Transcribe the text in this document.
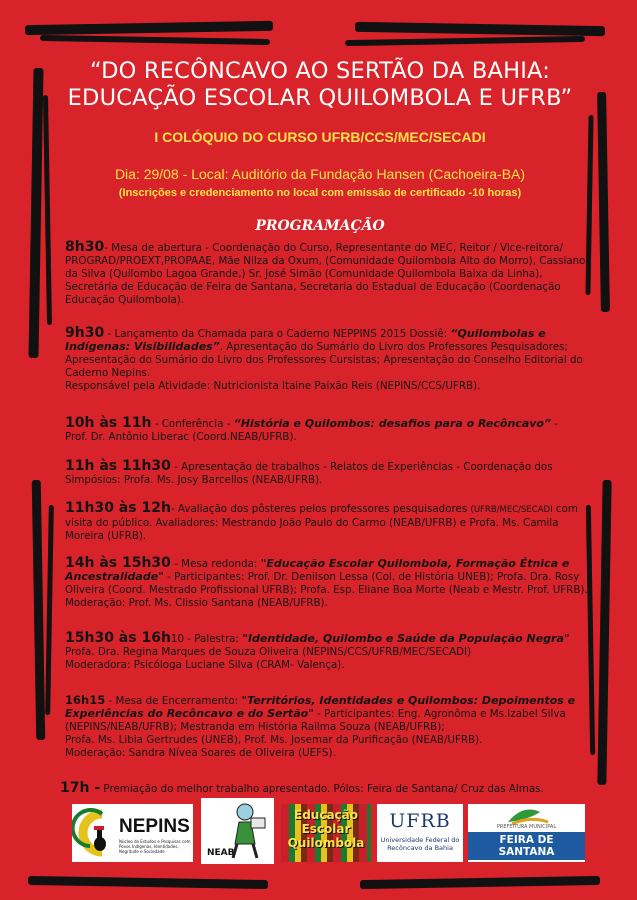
“DO RECÔNCAVO AO SERTÃO DA BAHIA:
EDUCAÇÃO ESCOLAR QUILOMBOLA E UFRB”
I COLÓQUIO DO CURSO UFRB/CCS/MEC/SECADI
Dia: 29/08 - Local: Auditório da Fundação Hansen (Cachoeira-BA)
(Inscrições e credenciamento no local com emissão de certificado -10 horas)
PROGRAMAÇÃO
8h30- Mesa de abertura - Coordenação do Curso, Representante do MEC, Reitor / Vice-reitora/ PROGRAD/PROEXT,PROPAAE, Mãe Nilza da Oxum, (Comunidade Quilombola Alto do Morro), Cassiano da Silva (Quilombo Lagoa Grande,) Sr. José Simão (Comunidade Quilombola Baixa da Linha), Secretária de Educação de Feira de Santana, Secretaria do Estadual de Educação (Coordenação Educação Quilombola).
9h30 - Lançamento da Chamada para o Caderno NEPPINS 2015 Dossiê: “Quilombolas e Indígenas: Visibilidades”. Apresentação do Sumário do Livro dos Professores Pesquisadores; Apresentação do Sumário do Livro dos Professores Cursistas; Apresentação do Conselho Editorial do Caderno Nepins.
Responsável pela Atividade: Nutricionista Itaine Paixão Reis (NEPINS/CCS/UFRB).
10h às 11h - Conferência - “História e Quilombos: desafios para o Recôncavo” -
Prof. Dr. Antônio Liberac (Coord.NEAB/UFRB).
11h às 11h30 - Apresentação de trabalhos - Relatos de Experiências - Coordenação dos Simpósios: Profa. Ms. Josy Barcellos (NEAB/UFRB).
11h30 às 12h- Avaliação dos pôsteres pelos professores pesquisadores (UFRB/MEC/SECADI com visita do público. Avaliadores: Mestrando João Paulo do Carmo (NEAB/UFRB) e Profa. Ms. Camila Moreira (UFRB).
14h às 15h30 - Mesa redonda: "Educação Escolar Quilombola, Formação Étnica e Ancestralidade" - Participantes: Prof. Dr. Denilson Lessa (Col. de História UNEB); Profa. Dra. Rosy Oliveira (Coord. Mestrado Profissional UFRB); Profa. Esp. Eliane Boa Morte (Neab e Mestr. Prof. UFRB). Moderação: Prof. Ms. Clissio Santana (NEAB/UFRB).
15h30 às 16h10 - Palestra: "Identidade, Quilombo e Saúde da População Negra"
Profa. Dra. Regina Marques de Souza Oliveira (NEPINS/CCS/UFRB/MEC/SECADI)
Moderadora: Psicóloga Luciane Silva (CRAM- Valença).
16h15 - Mesa de Encerramento: "Territórios, Identidades e Quilombos: Depoimentos e Experiências do Recôncavo e do Sertão" - Participantes: Eng. Agronôma e Ms.Izabel Silva (NEPINS/NEAB/UFRB); Mestranda em História Railma Souza (NEAB/UFRB);
Profa. Ms. Libia Gertrudes (UNEB), Prof. Ms. Josemar da Purificação (NEAB/UFRB).
Moderação: Sandra Nívea Soares de Oliveira (UEFS).
17h - Premiação do melhor trabalho apresentado. Pólos: Feira de Santana/ Cruz das Almas.
NEPINS
Núcleo de Estudos e Pesquisas com Povos Indígenas, Identidades, Negritude e Sociedade	NEAB
Educação
Escolar
Quilombola
UFRB
Universidade Federal do
Recôncavo da Bahia
PREFEITURA MUNICIPAL
FEIRA DE SANTANA
